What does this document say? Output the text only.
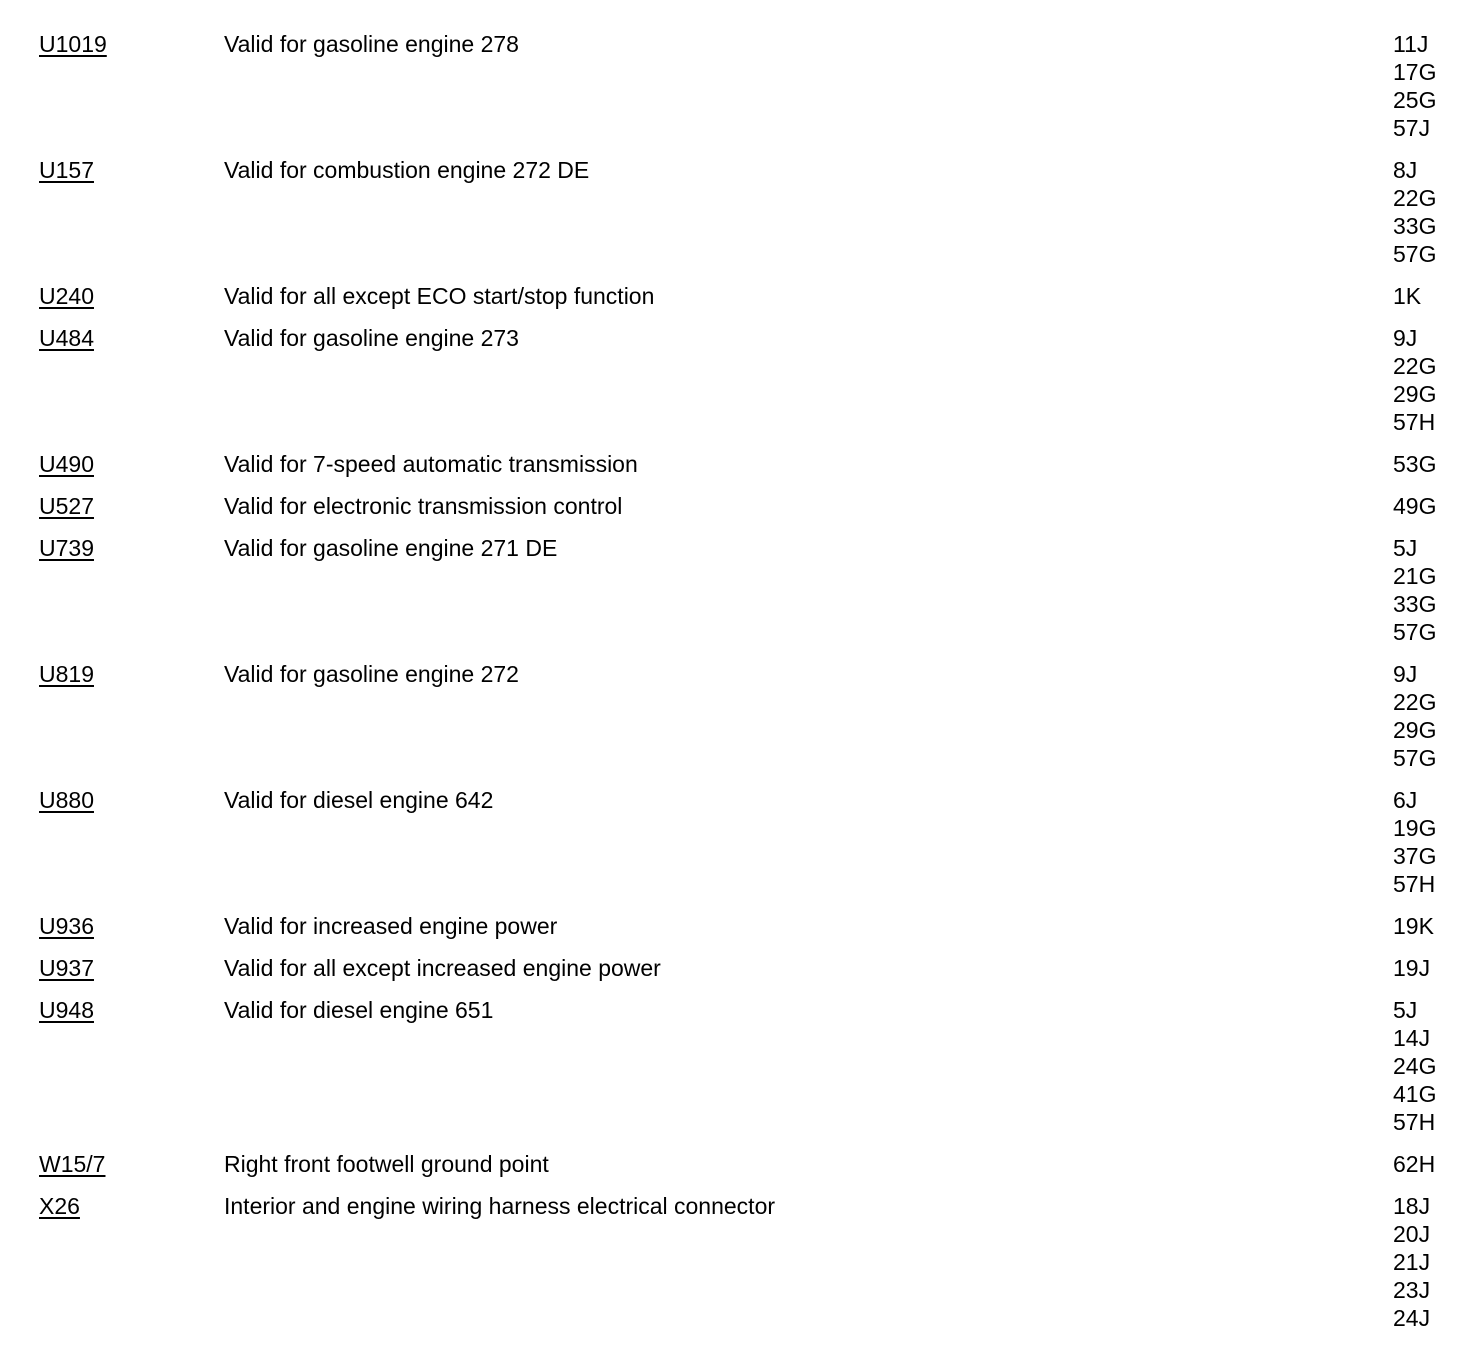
U1019	Valid for gasoline engine 278	11J
17G
25G
57J
U157	Valid for combustion engine 272 DE	8J
22G
33G
57G
U240	Valid for all except ECO start/stop function	1K
U484	Valid for gasoline engine 273	9J
22G
29G
57H
U490	Valid for 7-speed automatic transmission	53G
U527	Valid for electronic transmission control	49G
U739	Valid for gasoline engine 271 DE	5J
21G
33G
57G
U819	Valid for gasoline engine 272	9J
22G
29G
57G
U880	Valid for diesel engine 642	6J
19G
37G
57H
U936	Valid for increased engine power	19K
U937	Valid for all except increased engine power	19J
U948	Valid for diesel engine 651	5J
14J
24G
41G
57H
W15/7	Right front footwell ground point	62H
X26	Interior and engine wiring harness electrical connector	18J
20J
21J
23J
24J
